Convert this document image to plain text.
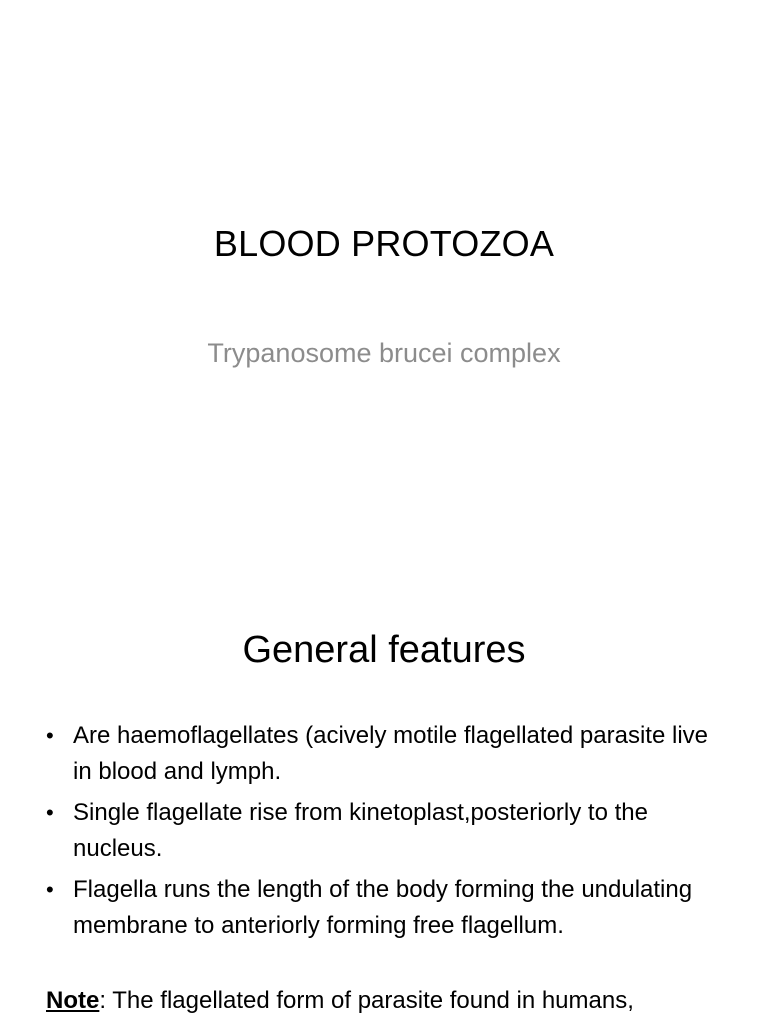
BLOOD PROTOZOA
Trypanosome brucei complex
General features
• Are haemoflagellates (acively motile flagellated parasite live in blood and lymph.
• Single flagellate rise from kinetoplast,posteriorly to the nucleus.
• Flagella runs the length of the body forming the undulating membrane to anteriorly forming free flagellum.
Note: The flagellated form of parasite found in humans,
